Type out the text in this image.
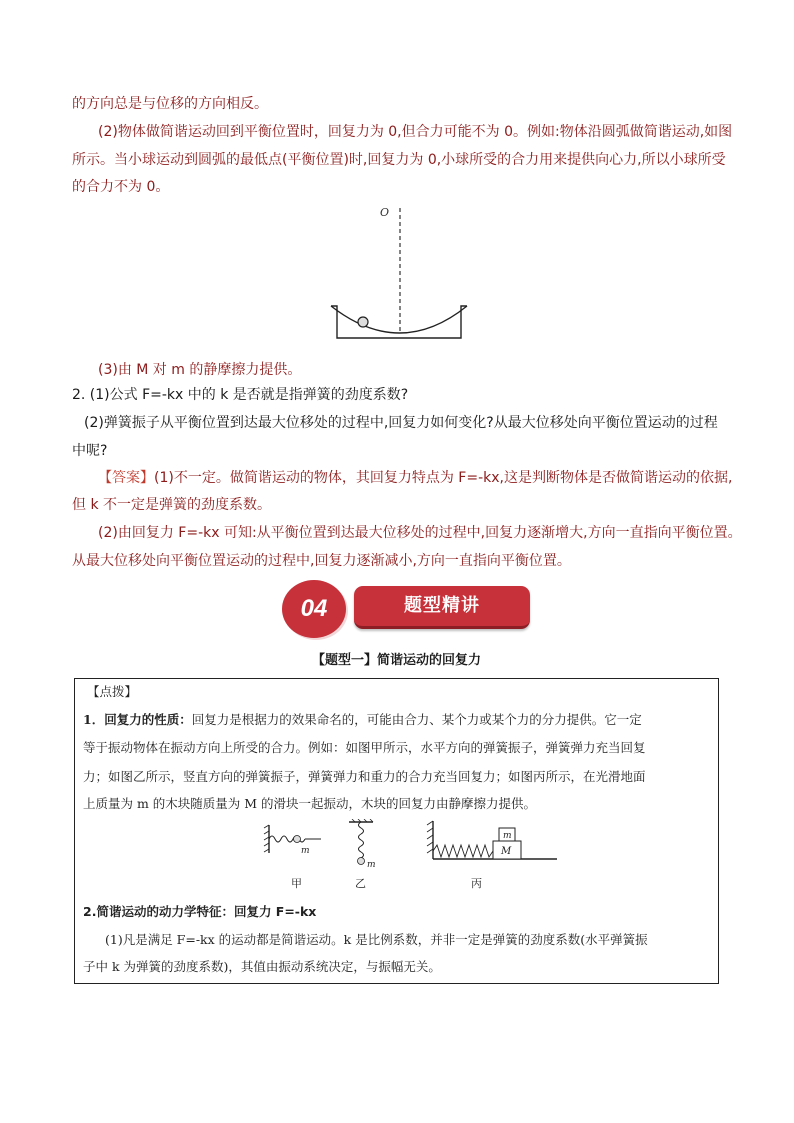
的方向总是与位移的方向相反。
(2)物体做简谐运动回到平衡位置时，回复力为 0,但合力可能不为 0。例如:物体沿圆弧做简谐运动,如图
所示。当小球运动到圆弧的最低点(平衡位置)时,回复力为 0,小球所受的合力用来提供向心力,所以小球所受
的合力不为 0。
O
(3)由 M 对 m 的静摩擦力提供。
2. (1)公式 F=-kx 中的 k 是否就是指弹簧的劲度系数?
(2)弹簧振子从平衡位置到达最大位移处的过程中,回复力如何变化?从最大位移处向平衡位置运动的过程
中呢?
【答案】(1)不一定。做简谐运动的物体，其回复力特点为 F=-kx,这是判断物体是否做简谐运动的依据,
但 k 不一定是弹簧的劲度系数。
(2)由回复力 F=-kx 可知:从平衡位置到达最大位移处的过程中,回复力逐渐增大,方向一直指向平衡位置。
从最大位移处向平衡位置运动的过程中,回复力逐渐减小,方向一直指向平衡位置。
04	题型精讲
【题型一】简谐运动的回复力
【点拨】
1．回复力的性质：回复力是根据力的效果命名的，可能由合力、某个力或某个力的分力提供。它一定
等于振动物体在振动方向上所受的合力。例如：如图甲所示，水平方向的弹簧振子，弹簧弹力充当回复
力；如图乙所示，竖直方向的弹簧振子，弹簧弹力和重力的合力充当回复力；如图丙所示，在光滑地面
上质量为 m 的木块随质量为 M 的滑块一起振动，木块的回复力由静摩擦力提供。
m
甲
m
乙
m
M
丙
2.简谐运动的动力学特征：回复力 F=-kx
(1)凡是满足 F=-kx 的运动都是简谐运动。k 是比例系数，并非一定是弹簧的劲度系数(水平弹簧振
子中 k 为弹簧的劲度系数)，其值由振动系统决定，与振幅无关。
